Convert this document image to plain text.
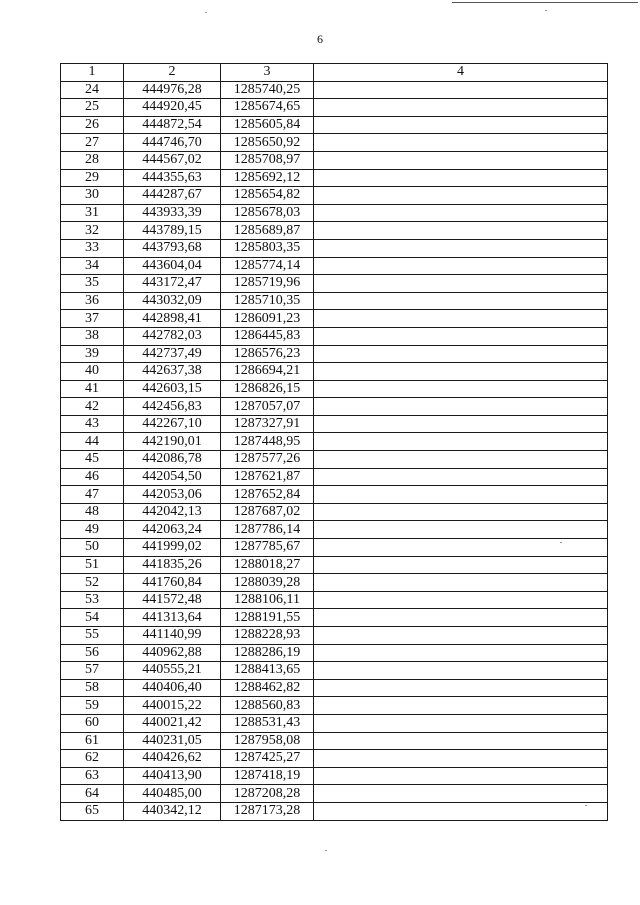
6
1	2	3	4
24	444976,28	1285740,25	
25	444920,45	1285674,65	
26	444872,54	1285605,84	
27	444746,70	1285650,92	
28	444567,02	1285708,97	
29	444355,63	1285692,12	
30	444287,67	1285654,82	
31	443933,39	1285678,03	
32	443789,15	1285689,87	
33	443793,68	1285803,35	
34	443604,04	1285774,14	
35	443172,47	1285719,96	
36	443032,09	1285710,35	
37	442898,41	1286091,23	
38	442782,03	1286445,83	
39	442737,49	1286576,23	
40	442637,38	1286694,21	
41	442603,15	1286826,15	
42	442456,83	1287057,07	
43	442267,10	1287327,91	
44	442190,01	1287448,95	
45	442086,78	1287577,26	
46	442054,50	1287621,87	
47	442053,06	1287652,84	
48	442042,13	1287687,02	
49	442063,24	1287786,14	
50	441999,02	1287785,67	
51	441835,26	1288018,27	
52	441760,84	1288039,28	
53	441572,48	1288106,11	
54	441313,64	1288191,55	
55	441140,99	1288228,93	
56	440962,88	1288286,19	
57	440555,21	1288413,65	
58	440406,40	1288462,82	
59	440015,22	1288560,83	
60	440021,42	1288531,43	
61	440231,05	1287958,08	
62	440426,62	1287425,27	
63	440413,90	1287418,19	
64	440485,00	1287208,28	
65	440342,12	1287173,28	
